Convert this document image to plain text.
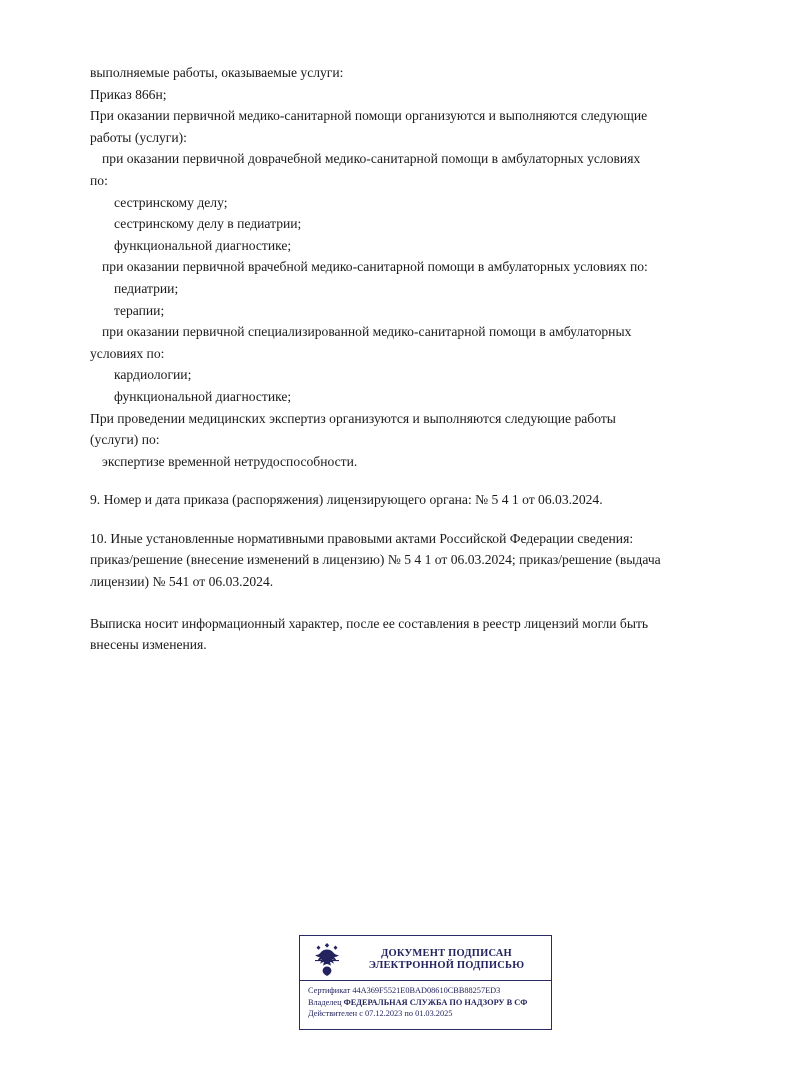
выполняемые работы, оказываемые услуги:
Приказ 866н;
При оказании первичной медико-санитарной помощи организуются и выполняются следующие
работы (услуги):
при оказании первичной доврачебной медико-санитарной помощи в амбулаторных условиях
по:
сестринскому делу;
сестринскому делу в педиатрии;
функциональной диагностике;
при оказании первичной врачебной медико-санитарной помощи в амбулаторных условиях по:
педиатрии;
терапии;
при оказании первичной специализированной медико-санитарной помощи в амбулаторных
условиях по:
кардиологии;
функциональной диагностике;
При проведении медицинских экспертиз организуются и выполняются следующие работы
(услуги) по:
экспертизе временной нетрудоспособности.
9. Номер и дата приказа (распоряжения) лицензирующего органа: № 5 4 1 от 06.03.2024.
10. Иные установленные нормативными правовыми актами Российской Федерации сведения:
приказ/решение (внесение изменений в лицензию) № 5 4 1 от 06.03.2024; приказ/решение (выдача
лицензии) № 541 от 06.03.2024.
Выписка носит информационный характер, после ее составления в реестр лицензий могли быть
внесены изменения.
ДОКУМЕНТ ПОДПИСАН
ЭЛЕКТРОННОЙ ПОДПИСЬЮ
Сертификат 44A369F5521E0BAD08610CBB88257ED3
Владелец ФЕДЕРАЛЬНАЯ СЛУЖБА ПО НАДЗОРУ В СФ
Действителен с 07.12.2023 по 01.03.2025
